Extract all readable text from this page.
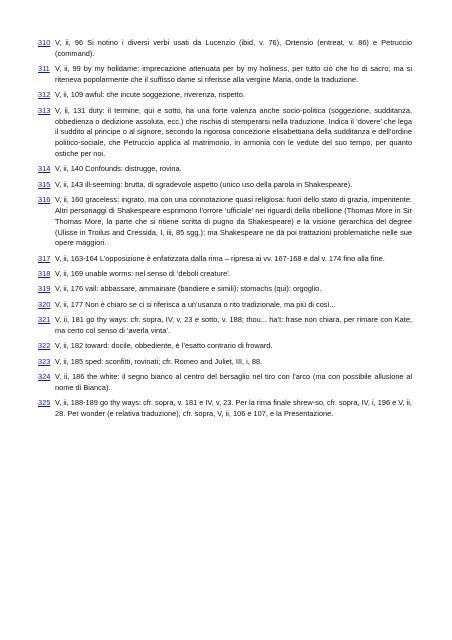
310 V, ii, 96 Si notino i diversi verbi usati da Lucenzio (ibid, v. 76), Ortensio (entreat, v. 86) e Petruccio (command).
311 V, ii, 99 by my holidame: imprecazione attenuata per by my holiness, per tutto ciò che ho di sacro; ma si riteneva popolarmente che il suffisso dame si riferisse alla vergine Maria, onde la traduzione.
312 V, ii, 109 awful: che incute soggezione, riverenza, rispetto.
313 V, ii, 131 duty: il termine, qui e sotto, ha una forte valenza anche socio-politica (soggezione, sudditanza, obbedienza o dedizione assoluta, ecc.) che rischia di stemperarsi nella traduzione. Indica il ‘dovere’ che lega il suddito al principe o al signore, secondo la rigorosa concezione elisabettiana della sudditanza e dell’ordine politico-sociale, che Petruccio applica al matrimonio, in armonia con le vedute del suo tempo, per quanto ostiche per noi.
314 V, ii, 140 Confounds: distrugge, rovina.
315 V, ii, 143 ill-seeming: brutta, di sgradevole aspetto (unico uso della parola in Shakespeare).
316 V, ii, 160 graceless: ingrato, ma con una connotazione quasi religiosa: fuori dello stato di grazia, impenitente. Altri personaggi di Shakespeare esprimono l’orrore ‘ufficiale’ nei riguardi della ribellione (Thomas More in Sir Thomas More, la parte che si ritiene scritta di pugno da Shakespeare) e la visione gerarchica del degree (Ulisse in Troilus and Cressida, I, iii, 85 sgg.); ma Shakespeare ne dà poi trattazioni problematiche nelle sue opere maggiori.
317 V, ii, 163-164 L’opposizione è enfatizzata dalla rima – ripresa ai vv. 167-168 e dal v. 174 fino alla fine.
318 V, ii, 169 unable worms: nel senso di ‘deboli creature’.
319 V, ii, 176 vail: abbassare, ammainare (bandiere e simili); stomachs (qui): orgoglio.
320 V, ii, 177 Non è chiaro se ci si riferisca a un’usanza o rito tradizionale, ma più di così...
321 V, ii, 181 go thy ways: cfr. sopra, IV, v, 23 e sotto, v. 188; thou... ha’t: frase non chiara, per rimare con Kate, ma certo col senso di ‘averla vinta’.
322 V, ii, 182 toward: docile, obbediente, è l’esatto contrario di froward.
323 V, ii, 185 sped: sconfitti, rovinati; cfr. Romeo and Juliet, III, i, 88.
324 V, ii, 186 the white: il segno bianco al centro del bersaglio nel tiro con l’arco (ma con possibile allusione al nome di Bianca).
325 V, ii, 188-189 go thy ways: cfr. sopra, v. 181 e IV, v, 23. Per la rima finale shrew-so, cfr. sopra, IV, i, 196 e V, ii, 28. Per wonder (e relativa traduzione), cfr. sopra, V, ii, 106 e 107, e la Presentazione.
